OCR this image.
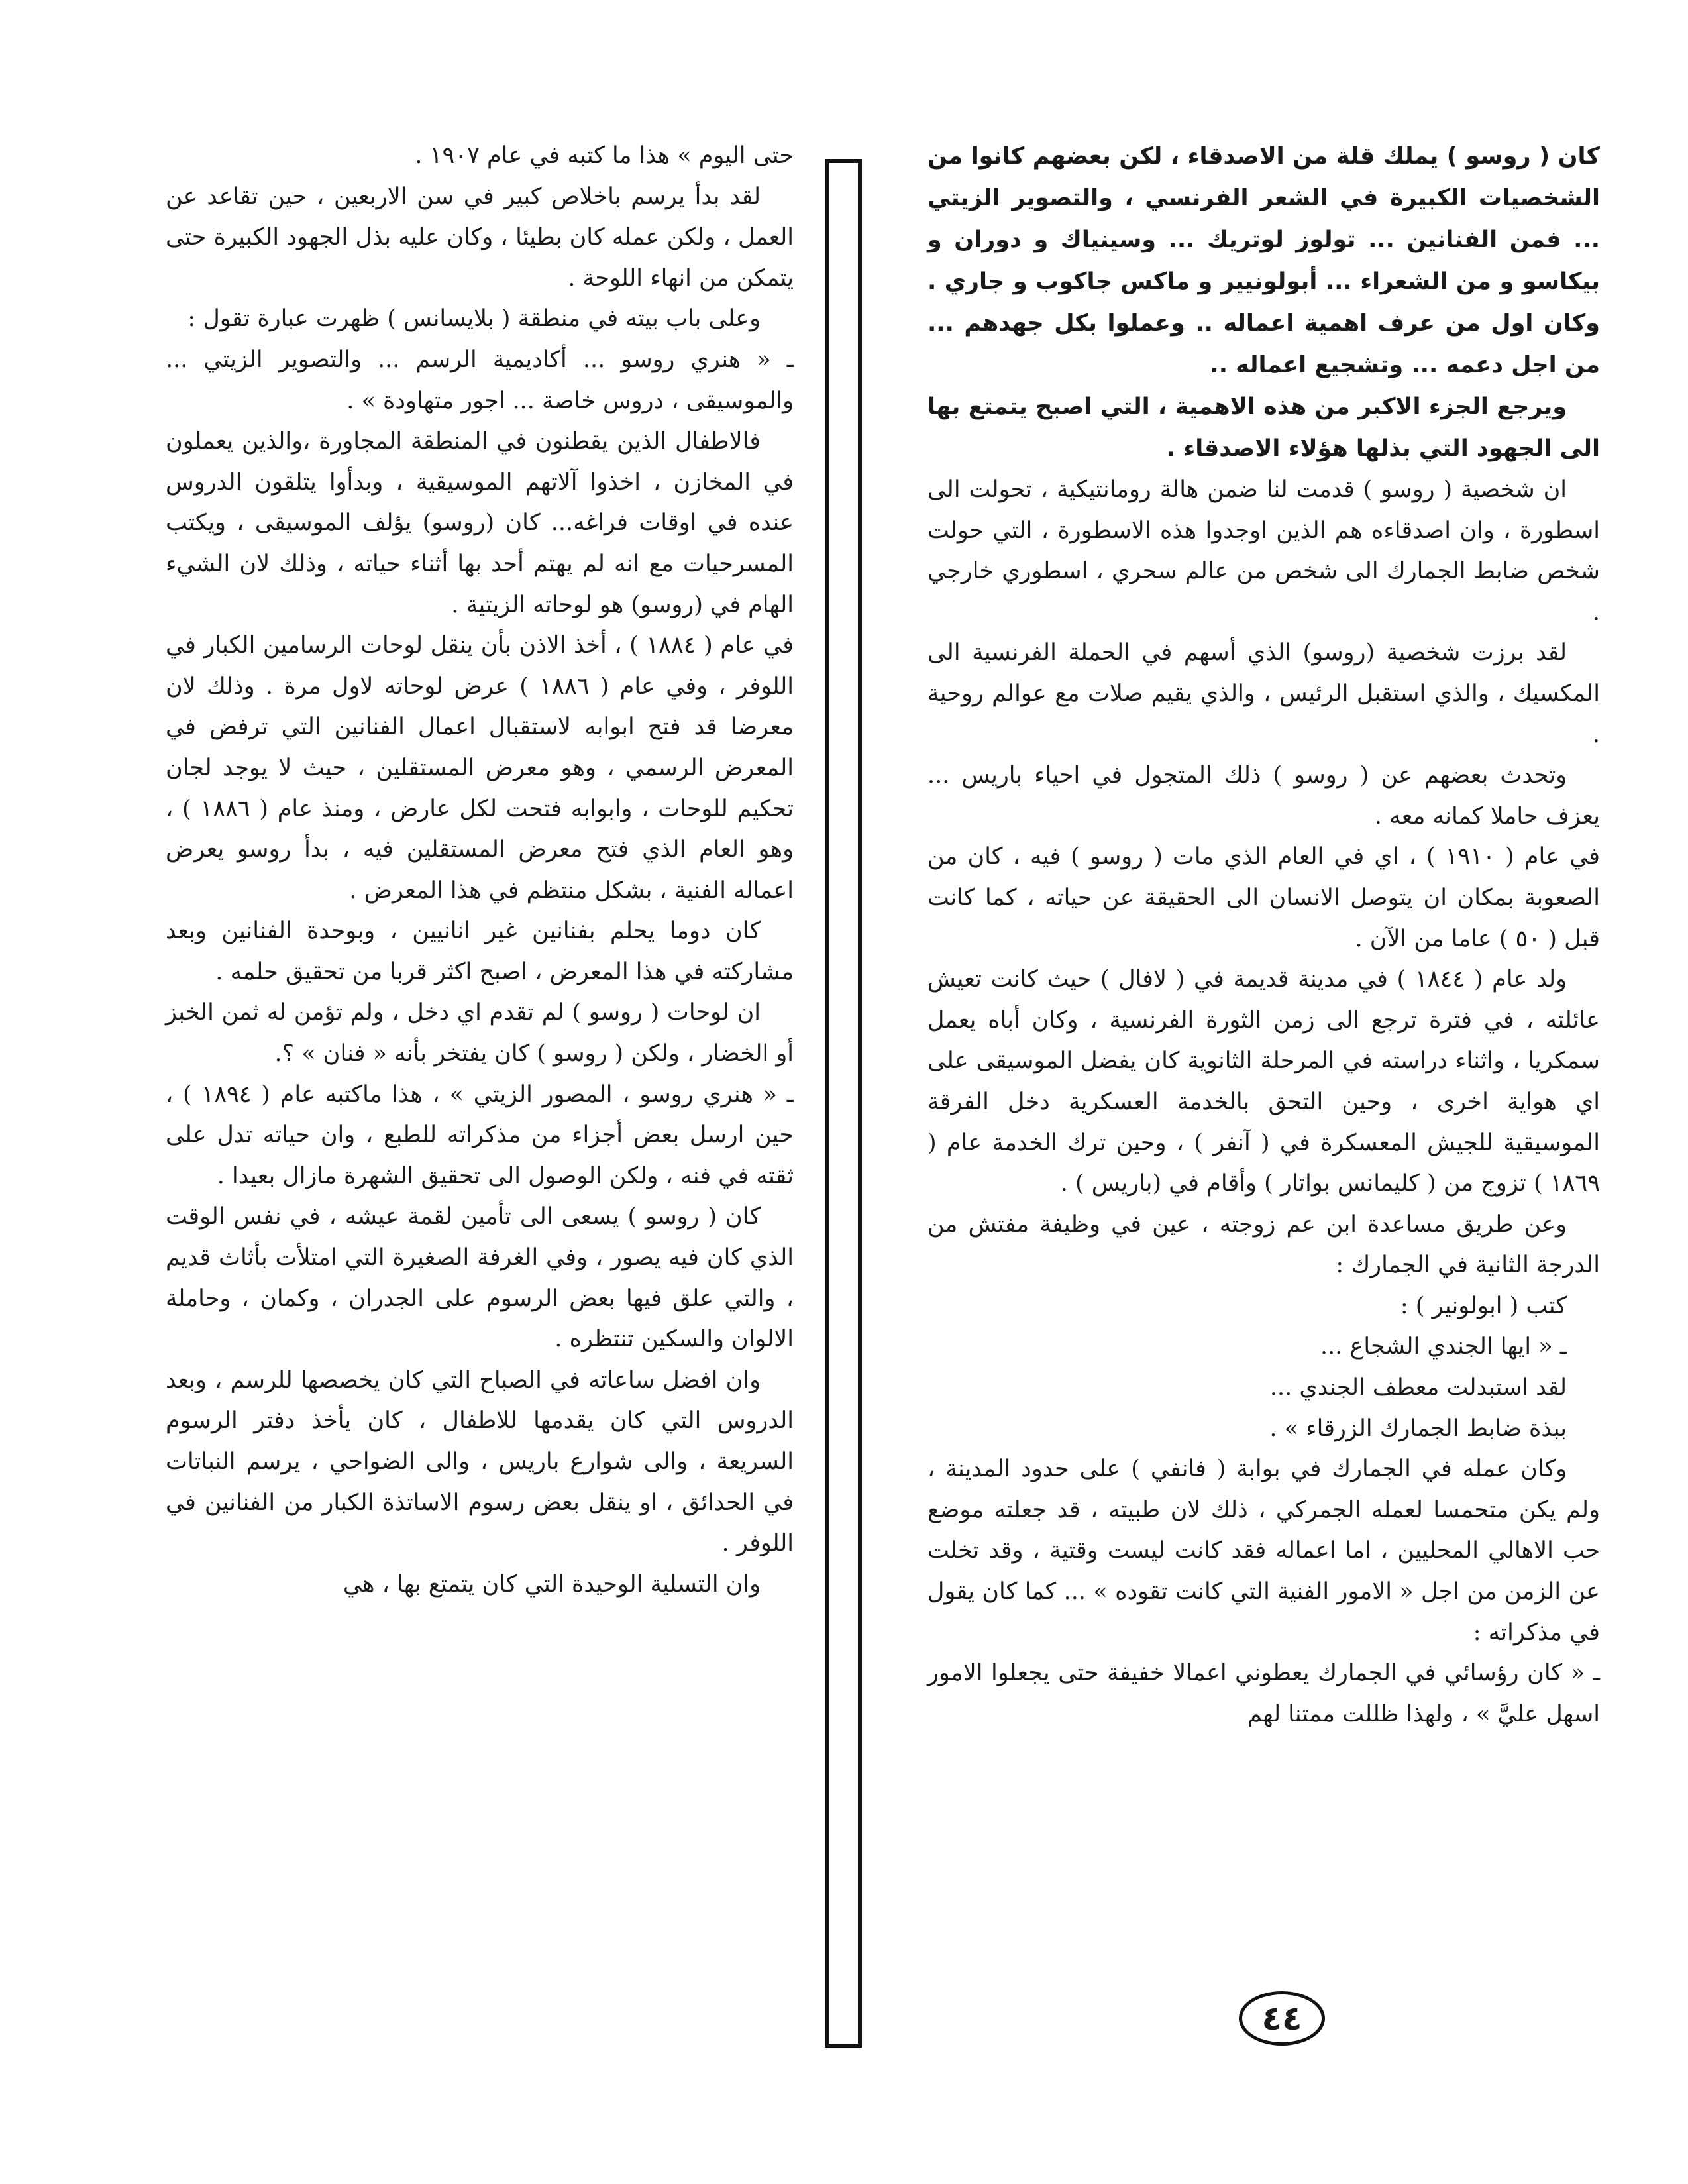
كان ( روسو ) يملك قلة من الاصدقاء ، لكن بعضهم كانوا من الشخصيات الكبيرة في الشعر الفرنسي ، والتصوير الزيتي ... فمن الفنانين ... تولوز لوتريك ... وسينياك و دوران و بيكاسو و من الشعراء ... أبولونيير و ماكس جاكوب و جاري . وكان اول من عرف اهمية اعماله .. وعملوا بكل جهدهم ... من اجل دعمه ... وتشجيع اعماله ..

ويرجع الجزء الاكبر من هذه الاهمية ، التي اصبح يتمتع بها الى الجهود التي بذلها هؤلاء الاصدقاء .

ان شخصية ( روسو ) قدمت لنا ضمن هالة رومانتيكية ، تحولت الى اسطورة ، وان اصدقاءه هم الذين اوجدوا هذه الاسطورة ، التي حولت شخص ضابط الجمارك الى شخص من عالم سحري ، اسطوري خارجي .

لقد برزت شخصية (روسو) الذي أسهم في الحملة الفرنسية الى المكسيك ، والذي استقبل الرئيس ، والذي يقيم صلات مع عوالم روحية .

وتحدث بعضهم عن ( روسو ) ذلك المتجول في احياء باريس ... يعزف حاملا كمانه معه .

في عام ( ١٩١٠ ) ، اي في العام الذي مات ( روسو ) فيه ، كان من الصعوبة بمكان ان يتوصل الانسان الى الحقيقة عن حياته ، كما كانت قبل ( ٥٠ ) عاما من الآن .

ولد عام ( ١٨٤٤ ) في مدينة قديمة في ( لافال ) حيث كانت تعيش عائلته ، في فترة ترجع الى زمن الثورة الفرنسية ، وكان أباه يعمل سمكريا ، واثناء دراسته في المرحلة الثانوية كان يفضل الموسيقى على اي هواية اخرى ، وحين التحق بالخدمة العسكرية دخل الفرقة الموسيقية للجيش المعسكرة في ( آنفر ) ، وحين ترك الخدمة عام ( ١٨٦٩ ) تزوج من ( كليمانس بواتار ) وأقام في (باريس ) .

وعن طريق مساعدة ابن عم زوجته ، عين في وظيفة مفتش من الدرجة الثانية في الجمارك :

كتب ( ابولونير ) :

ـ « ايها الجندي الشجاع ...

لقد استبدلت معطف الجندي ...

ببذة ضابط الجمارك الزرقاء » .

وكان عمله في الجمارك في بوابة ( فانفي ) على حدود المدينة ، ولم يكن متحمسا لعمله الجمركي ، ذلك لان طبيته ، قد جعلته موضع حب الاهالي المحليين ، اما اعماله فقد كانت ليست وقتية ، وقد تخلت عن الزمن من اجل « الامور الفنية التي كانت تقوده » ... كما كان يقول في مذكراته :

ـ « كان رؤسائي في الجمارك يعطوني اعمالا خفيفة حتى يجعلوا الامور اسهل عليَّ » ، ولهذا ظللت ممتنا لهم

حتى اليوم » هذا ما كتبه في عام ١٩٠٧ .

لقد بدأ يرسم باخلاص كبير في سن الاربعين ، حين تقاعد عن العمل ، ولكن عمله كان بطيئا ، وكان عليه بذل الجهود الكبيرة حتى يتمكن من انهاء اللوحة .

وعلى باب بيته في منطقة ( بلايسانس ) ظهرت عبارة تقول :

ـ « هنري روسو ... أكاديمية الرسم ... والتصوير الزيتي ... والموسيقى ، دروس خاصة ... اجور متهاودة » .

فالاطفال الذين يقطنون في المنطقة المجاورة ،والذين يعملون في المخازن ، اخذوا آلاتهم الموسيقية ، وبدأوا يتلقون الدروس عنده في اوقات فراغه... كان (روسو) يؤلف الموسيقى ، ويكتب المسرحيات مع انه لم يهتم أحد بها أثناء حياته ، وذلك لان الشيء الهام في (روسو) هو لوحاته الزيتية .

في عام ( ١٨٨٤ ) ، أخذ الاذن بأن ينقل لوحات الرسامين الكبار في اللوفر ، وفي عام ( ١٨٨٦ ) عرض لوحاته لاول مرة . وذلك لان معرضا قد فتح ابوابه لاستقبال اعمال الفنانين التي ترفض في المعرض الرسمي ، وهو معرض المستقلين ، حيث لا يوجد لجان تحكيم للوحات ، وابوابه فتحت لكل عارض ، ومنذ عام ( ١٨٨٦ ) ، وهو العام الذي فتح معرض المستقلين فيه ، بدأ روسو يعرض اعماله الفنية ، بشكل منتظم في هذا المعرض .

كان دوما يحلم بفنانين غير انانيين ، وبوحدة الفنانين وبعد مشاركته في هذا المعرض ، اصبح اكثر قربا من تحقيق حلمه .

ان لوحات ( روسو ) لم تقدم اي دخل ، ولم تؤمن له ثمن الخبز أو الخضار ، ولكن ( روسو ) كان يفتخر بأنه « فنان » ؟.

ـ « هنري روسو ، المصور الزيتي » ، هذا ماكتبه عام ( ١٨٩٤ ) ، حين ارسل بعض أجزاء من مذكراته للطبع ، وان حياته تدل على ثقته في فنه ، ولكن الوصول الى تحقيق الشهرة مازال بعيدا .

كان ( روسو ) يسعى الى تأمين لقمة عيشه ، في نفس الوقت الذي كان فيه يصور ، وفي الغرفة الصغيرة التي امتلأت بأثاث قديم ، والتي علق فيها بعض الرسوم على الجدران ، وكمان ، وحاملة الالوان والسكين تنتظره .

وان افضل ساعاته في الصباح التي كان يخصصها للرسم ، وبعد الدروس التي كان يقدمها للاطفال ، كان يأخذ دفتر الرسوم السريعة ، والى شوارع باريس ، والى الضواحي ، يرسم النباتات في الحدائق ، او ينقل بعض رسوم الاساتذة الكبار من الفنانين في اللوفر .

وان التسلية الوحيدة التي كان يتمتع بها ، هي

٤٤
